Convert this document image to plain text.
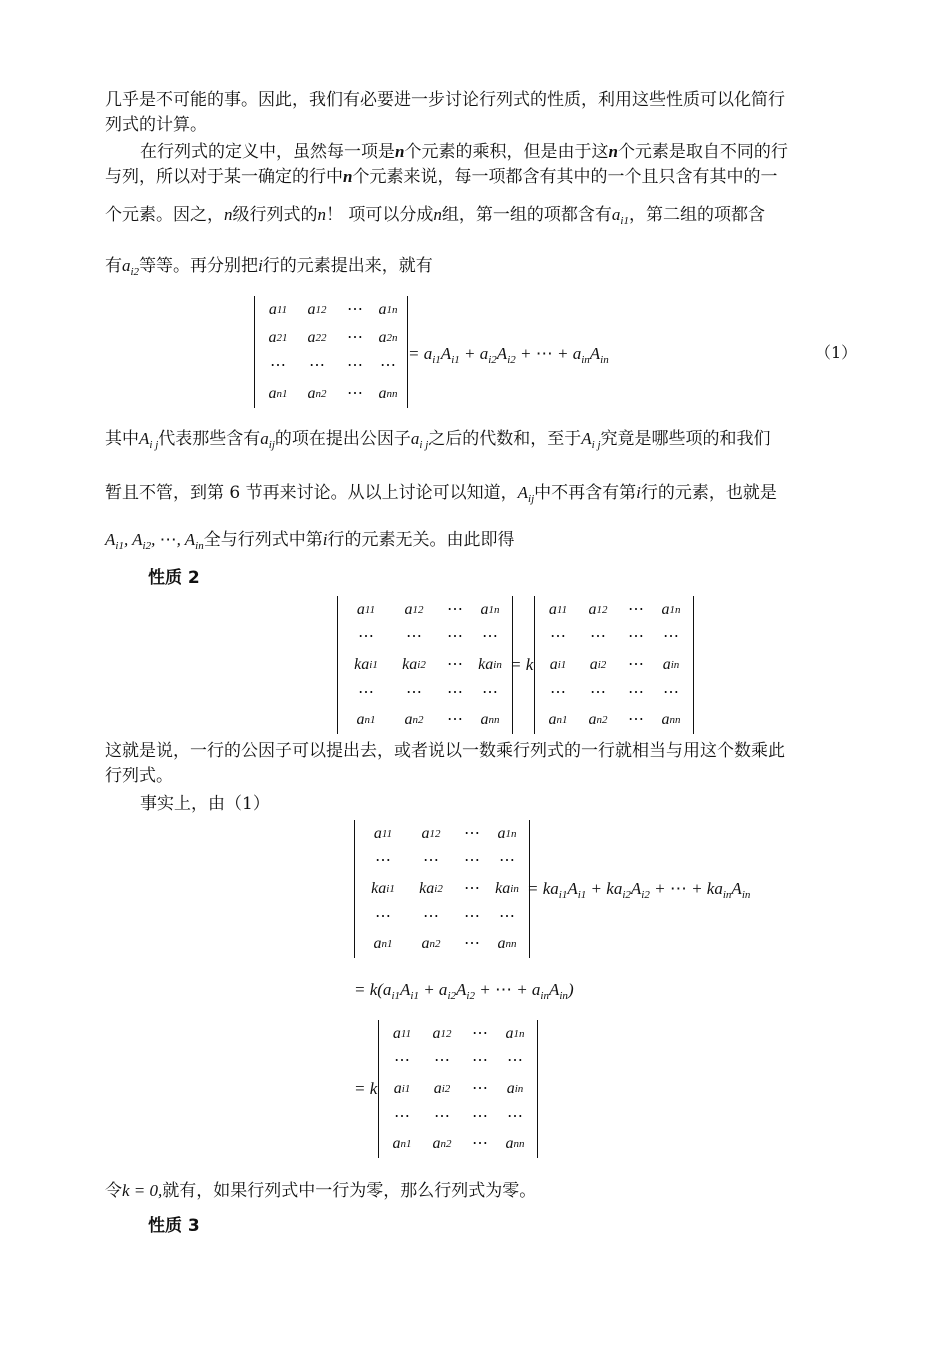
几乎是不可能的事。因此，我们有必要进一步讨论行列式的性质，利用这些性质可以化简行
列式的计算。
在行列式的定义中，虽然每一项是n个元素的乘积，但是由于这n个元素是取自不同的行
与列，所以对于某一确定的行中n个元素来说，每一项都含有其中的一个且只含有其中的一
个元素。因之，n级行列式的n！ 项可以分成n组，第一组的项都含有$a_{i1}$，第二组的项都含
有$a_{i2}$等等。再分别把i行的元素提出来，就有
a 11	a 12	⋯ a 1n
a 21	a 22	⋯ a 2n
⋯	⋯	⋯	⋯
a n1	a n2	⋯ a nn
= $a_{i1}A_{i1} + a_{i2}A_{i2}$ + ⋯ + $a_{in}A_{in}$	（1）
其中$A_{i j}$代表那些含有$a_{ij}$的项在提出公因子$a_{i j}$之后的代数和，至于$A_{i j}$究竟是哪些项的和我们
暂且不管，到第 6 节再来讨论。从以上讨论可以知道，$A_{ij}$中不再含有第i行的元素，也就是
$A_{i1}$, $A_{i2}$, ⋯, $A_{in}$全与行列式中第i行的元素无关。由此即得
性质 2
a 11	a 12	⋯	a 1n
⋯	⋯	⋯	⋯
ka i1	ka i2	⋯ ka in
⋯	⋯	⋯	⋯
a n1	a n2	⋯	a nn
= k
a 11	a 12	⋯	a 1n
⋯	⋯	⋯	⋯
a i1	a i2	⋯	a in
⋯	⋯	⋯	⋯
a n1	a n2	⋯	a nn
这就是说，一行的公因子可以提出去，或者说以一数乘行列式的一行就相当与用这个数乘此
行列式。
事实上，由（1）
a 11	a 12	⋯	a 1n
⋯	⋯	⋯	⋯
ka i1	ka i2	⋯ ka in
⋯	⋯	⋯	⋯
a n1	a n2	⋯	a nn
= $ka_{i1}A_{i1} + ka_{i2}A_{i2}$ + ⋯ + $ka_{in}A_{in}$
= $k(a_{i1}A_{i1} + a_{i2}A_{i2}$ + ⋯ + $a_{in}A_{in}$)
= k
a 11	a 12	⋯	a 1n
⋯	⋯	⋯	⋯
a i1	a i2	⋯	a in
⋯	⋯	⋯	⋯
a n1	a n2	⋯	a nn
令k = 0,就有，如果行列式中一行为零，那么行列式为零。
性质 3
